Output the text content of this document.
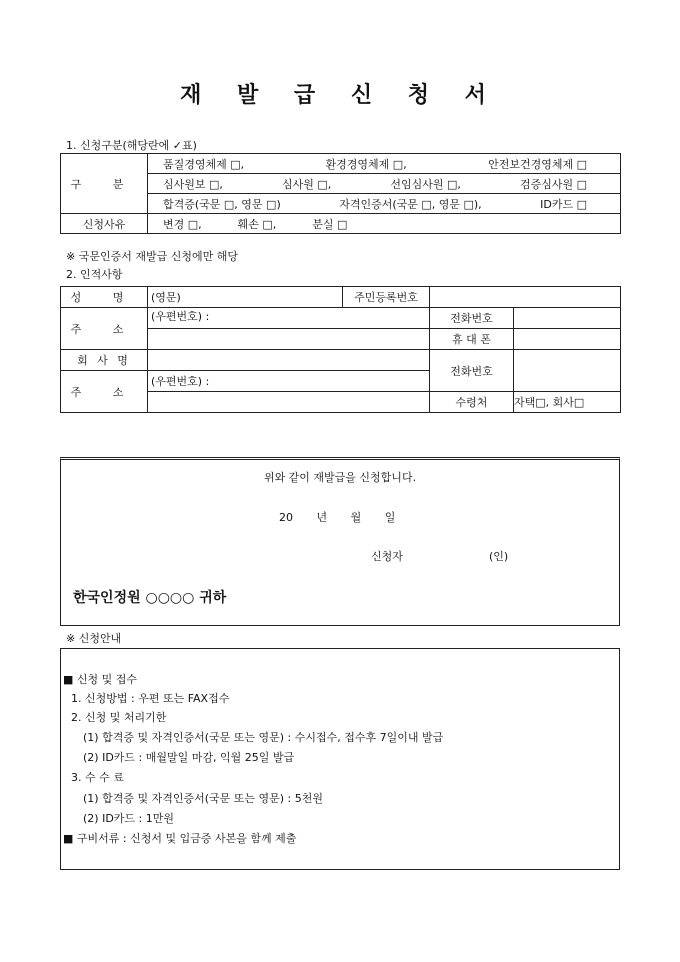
재 발 급 신 청 서
1. 신청구분(해당란에 ✓표)
구 분	품질경영체제 □, 환경경영체제 □, 안전보건경영체제 □

	심사원보 □, 심사원 □, 선임심사원 □, 검증심사원 □

	합격증(국문 □, 영문 □) 자격인증서(국문 □, 영문 □), ID카드 □

신청사유	변경 □, 훼손 □, 분실 □
※ 국문인증서 재발급 신청에만 해당
2. 인적사항
성 명	(영문)	주민등록번호		
주 소	(우편번호) :		전화번호	

			휴 대 폰	
회 사 명			전화번호	
주 소	(우편번호) :			
			수령처	자택□, 회사□

위와 같이 재발급을 신청합니다.
20 년 월 일
신청자	(인)
한국인정원 ○○○○ 귀하
※ 신청안내
■ 신청 및 접수
1. 신청방법 : 우편 또는 FAX접수
2. 신청 및 처리기한
(1) 합격증 및 자격인증서(국문 또는 영문) : 수시접수, 접수후 7일이내 발급
(2) ID카드 : 매월말일 마감, 익월 25일 발급
3. 수 수 료
(1) 합격증 및 자격인증서(국문 또는 영문) : 5천원
(2) ID카드 : 1만원
■ 구비서류 : 신청서 및 입금증 사본을 함께 제출
